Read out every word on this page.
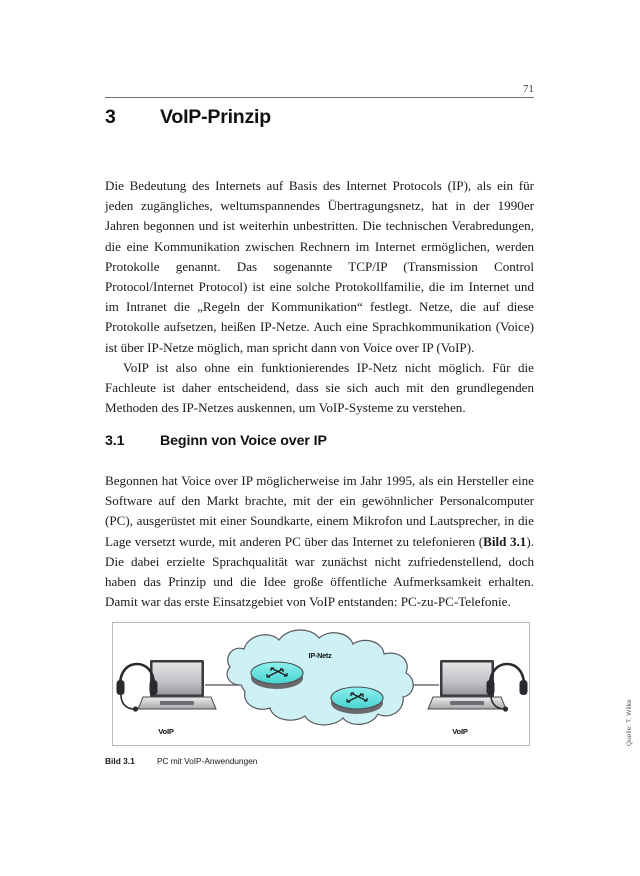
71
3	VoIP-Prinzip
Die Bedeutung des Internets auf Basis des Internet Protocols (IP), als ein für jeden zugängliches, weltumspannendes Übertragungsnetz, hat in der 1990er Jahren begonnen und ist weiterhin unbestritten. Die technischen Verabredungen, die eine Kommunikation zwischen Rechnern im Internet ermöglichen, werden Protokolle genannt. Das sogenannte TCP/IP (Transmission Control Protocol/Internet Protocol) ist eine solche Protokollfamilie, die im Internet und im Intranet die „Regeln der Kommunikation“ festlegt. Netze, die auf diese Protokolle aufsetzen, heißen IP-Netze. Auch eine Sprachkommunikation (Voice) ist über IP-Netze möglich, man spricht dann von Voice over IP (VoIP).
VoIP ist also ohne ein funktionierendes IP-Netz nicht möglich. Für die Fachleute ist daher entscheidend, dass sie sich auch mit den grundlegenden Methoden des IP-Netzes auskennen, um VoIP-Systeme zu verstehen.
3.1	Beginn von Voice over IP
Begonnen hat Voice over IP möglicherweise im Jahr 1995, als ein Hersteller eine Software auf den Markt brachte, mit der ein gewöhnlicher Personalcomputer (PC), ausgerüstet mit einer Soundkarte, einem Mikrofon und Lautsprecher, in die Lage versetzt wurde, mit anderen PC über das Internet zu telefonieren (Bild 3.1). Die dabei erzielte Sprachqualität war zunächst nicht zufriedenstellend, doch haben das Prinzip und die Idee große öffentliche Aufmerksamkeit erhalten. Damit war das erste Einsatzgebiet von VoIP entstanden: PC-zu-PC-Telefonie.
IP-Netz
VoIP	VoIP	Quelle: T. Wilke
Bild 3.1	PC mit VoIP-Anwendungen
